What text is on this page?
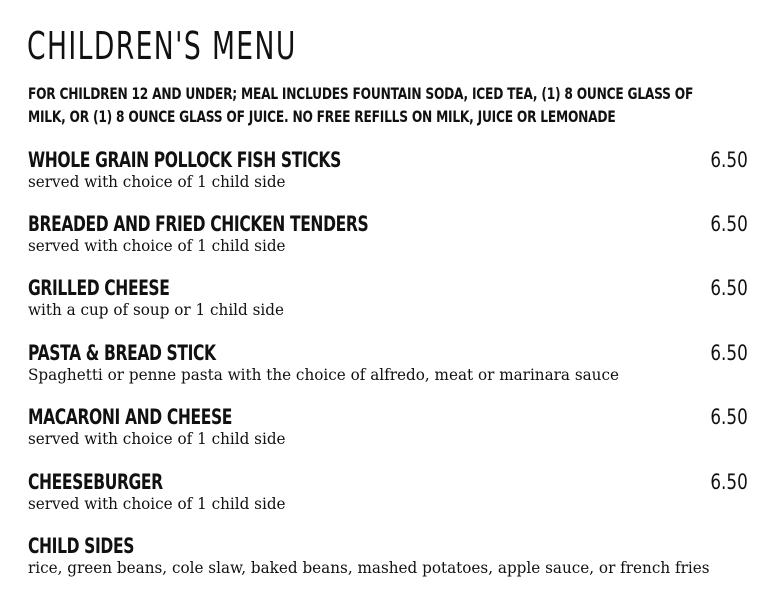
CHILDREN'S MENU

FOR CHILDREN 12 AND UNDER; MEAL INCLUDES FOUNTAIN SODA, ICED TEA, (1) 8 OUNCE GLASS OF MILK, OR (1) 8 OUNCE GLASS OF JUICE. NO FREE REFILLS ON MILK, JUICE OR LEMONADE

WHOLE GRAIN POLLOCK FISH STICKS	6.50

served with choice of 1 child side

BREADED AND FRIED CHICKEN TENDERS	6.50

served with choice of 1 child side

GRILLED CHEESE	6.50

with a cup of soup or 1 child side

PASTA & BREAD STICK	6.50

Spaghetti or penne pasta with the choice of alfredo, meat or marinara sauce

MACARONI AND CHEESE	6.50

served with choice of 1 child side

CHEESEBURGER	6.50

served with choice of 1 child side

CHILD SIDES

rice, green beans, cole slaw, baked beans, mashed potatoes, apple sauce, or french fries
